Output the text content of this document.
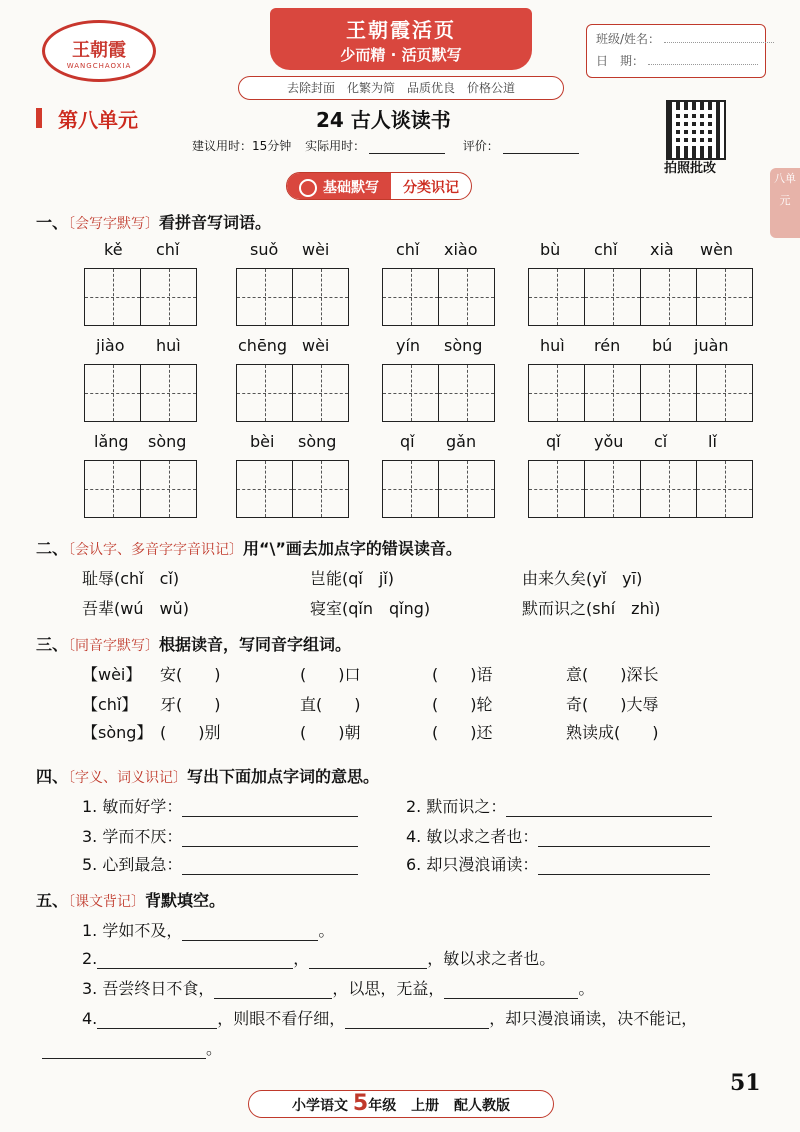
王朝霞
WANGCHAOXIA
王朝霞活页
少而精 · 活页默写
班级/姓名：
日　期：
去除封面　化繁为简　品质优良　价格公道
第八单元	24 古人谈读书
建议用时：15分钟 实际用时：	评价：
拍照批改
八单元
基础默写	分类识记
一、〔会写字默写〕看拼音写词语。
kě chǐ	suǒ wèi	chǐ xiào	bù chǐ xià wèn
jiào huì	chēng wèi	yín sòng	huì rén bú juàn
lǎng sòng	bèi sòng	qǐ gǎn	qǐ yǒu cǐ	lǐ
二、〔会认字、多音字字音识记〕用“\”画去加点字的错误读音。
耻辱(chǐ　cǐ)	岂能(qǐ　jǐ)	由来久矣(yǐ　yī)
吾辈(wú　wǔ)	寝室(qǐn　qǐng)	默而识之(shí　zhì)
三、〔同音字默写〕根据读音，写同音字组词。
【wèi】 安(　　)	(　　)口	(　　)语	意(　　)深长
【chǐ】 牙(　　)	直(　　)	(　　)轮	奇(　　)大辱
【sòng】 (　　)别	(　　)朝	(　　)还	熟读成(　　)
四、〔字义、词义识记〕写出下面加点字词的意思。
1. 敏而好学：	2. 默而识之：
3. 学而不厌：	4. 敏以求之者也：
5. 心到最急：	6. 却只漫浪诵读：
五、〔课文背记〕背默填空。
1. 学如不及，	。
2.	，	，敏以求之者也。
3. 吾尝终日不食，	，以思，无益，	。
4.	，则眼不看仔细，	，却只漫浪诵读，决不能记，
。
小学语文 5年级 上册 配人教版
51
